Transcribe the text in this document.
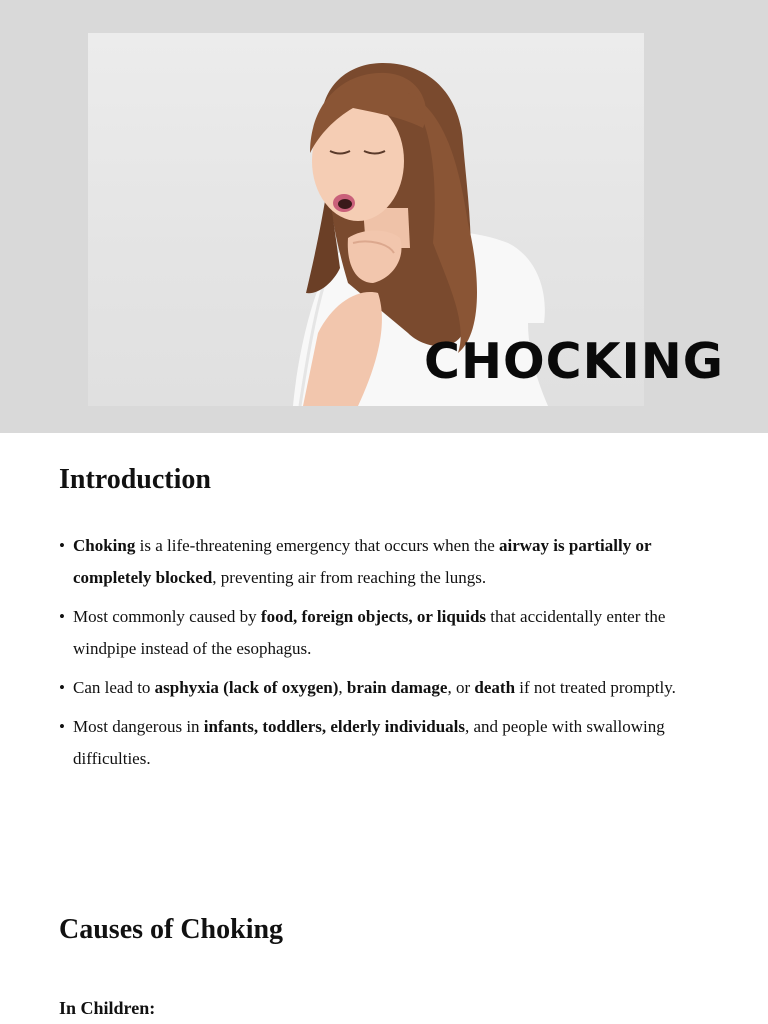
CHOCKING
Introduction
• Choking is a life-threatening emergency that occurs when the airway is partially or completely blocked, preventing air from reaching the lungs.
• Most commonly caused by food, foreign objects, or liquids that accidentally enter the windpipe instead of the esophagus.
• Can lead to asphyxia (lack of oxygen), brain damage, or death if not treated promptly.
• Most dangerous in infants, toddlers, elderly individuals, and people with swallowing difficulties.
Causes of Choking
In Children:
